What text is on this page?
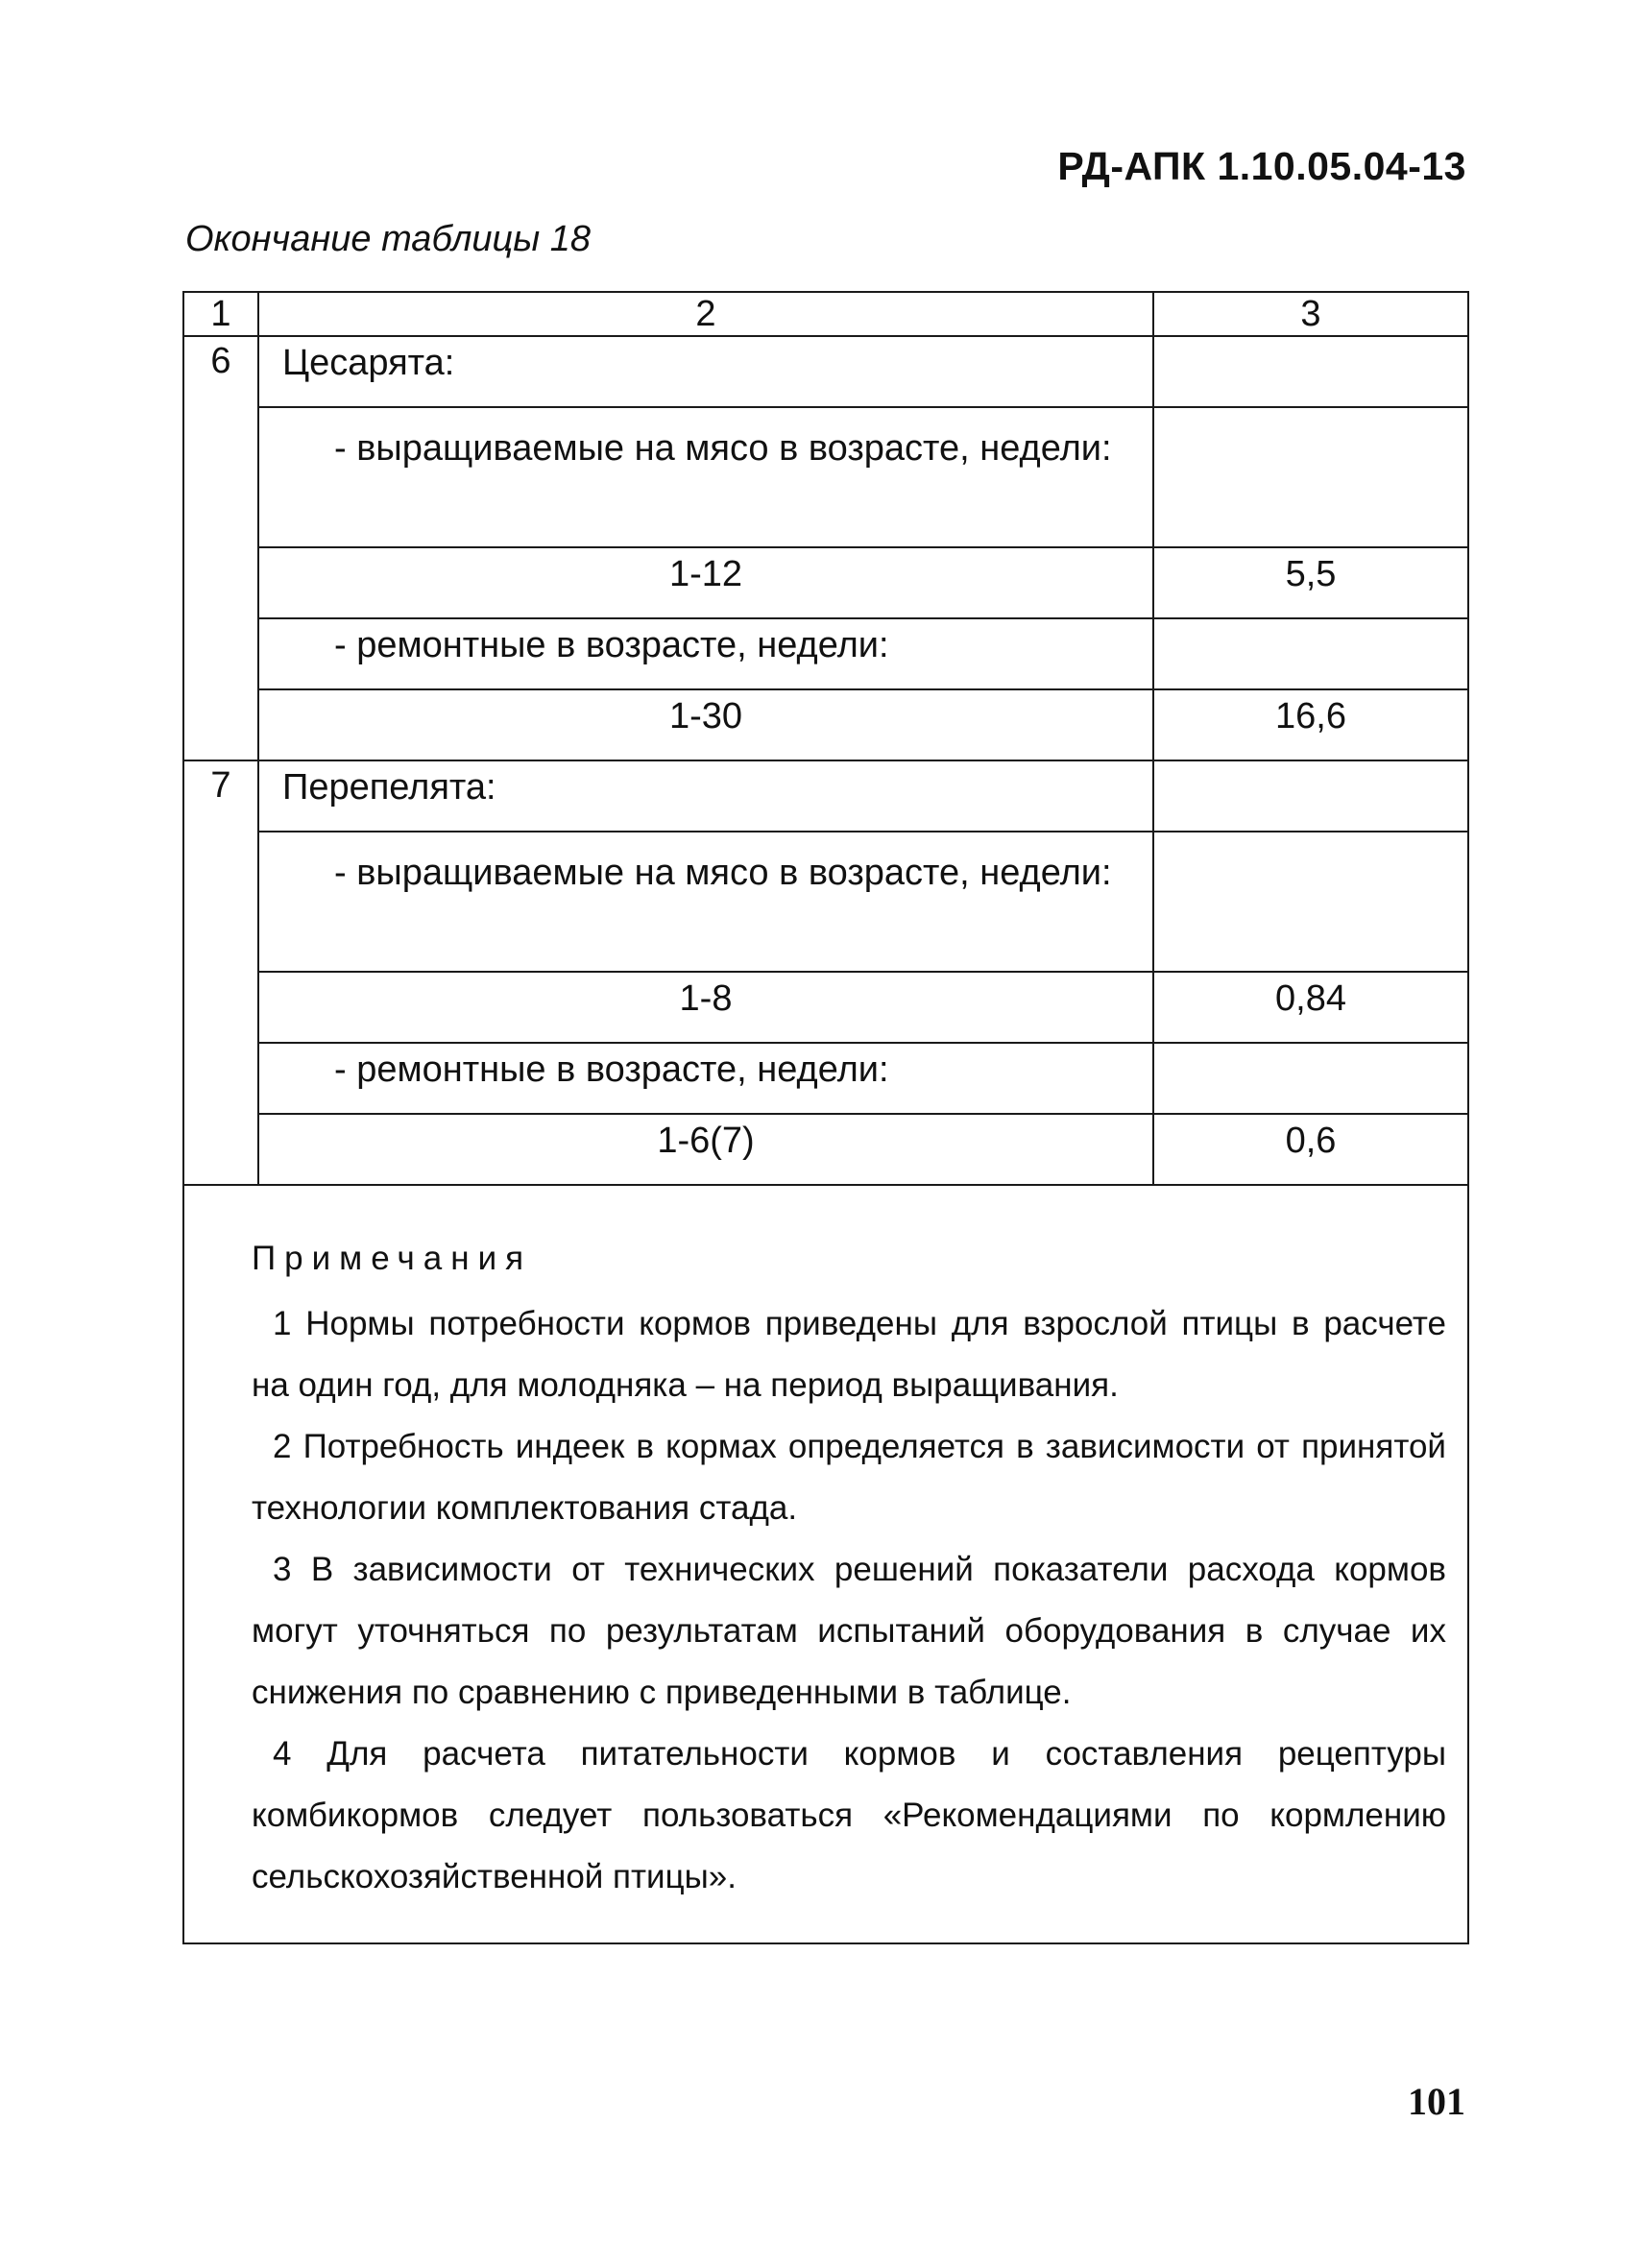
РД-АПК 1.10.05.04-13
Окончание таблицы 18
1	2	3
6	Цесарята:	
	- выращиваемые на мясо в возрасте, недели:	
	1-12	5,5
	- ремонтные в возрасте, недели:	
	1-30	16,6
7	Перепелята:	
	- выращиваемые на мясо в возрасте, недели:	
	1-8	0,84
	- ремонтные в возрасте, недели:	
	1-6(7)	0,6

Примечания

1 Нормы потребности кормов приведены для взрослой птицы в расчете на один год, для молодняка – на период выращивания.

2 Потребность индеек в кормах определяется в зависимости от принятой технологии комплектования стада.

3 В зависимости от технических решений показатели расхода кормов могут уточняться по результатам испытаний оборудования в случае их снижения по сравнению с приведенными в таблице.

4 Для расчета питательности кормов и составления рецептуры комбикормов следует пользоваться «Рекомендациями по кормлению сельскохозяйственной птицы».		

101
